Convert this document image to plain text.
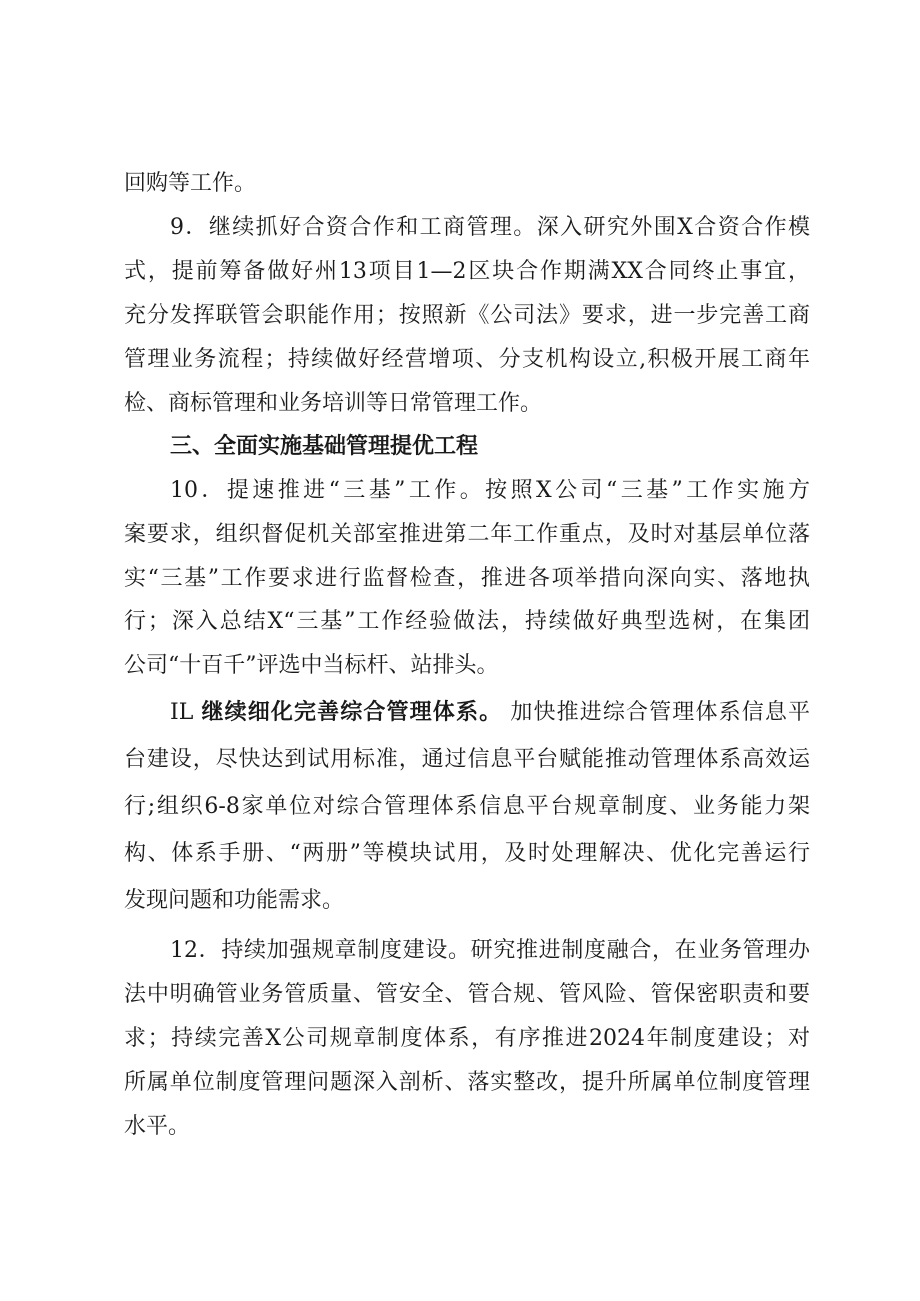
回购等工作。
9．继续抓好合资合作和工商管理。深入研究外围X合资合作模
式，提前筹备做好州13项目1—2区块合作期满XX合同终止事宜，
充分发挥联管会职能作用；按照新《公司法》要求，进一步完善工商
管理业务流程；持续做好经营增项、分支机构设立,积极开展工商年
检、商标管理和业务培训等日常管理工作。
三、全面实施基础管理提优工程
10．提速推进“三基”工作。按照X公司“三基”工作实施方
案要求，组织督促机关部室推进第二年工作重点，及时对基层单位落
实“三基”工作要求进行监督检查，推进各项举措向深向实、落地执
行；深入总结X“三基”工作经验做法，持续做好典型选树，在集团
公司“十百千”评选中当标杆、站排头。
IL 继续细化完善综合管理体系。 加快推进综合管理体系信息平
台建设，尽快达到试用标准，通过信息平台赋能推动管理体系高效运
行;组织6-8家单位对综合管理体系信息平台规章制度、业务能力架
构、体系手册、“两册”等模块试用，及时处理解决、优化完善运行
发现问题和功能需求。
12．持续加强规章制度建设。研究推进制度融合，在业务管理办
法中明确管业务管质量、管安全、管合规、管风险、管保密职责和要
求；持续完善X公司规章制度体系，有序推进2024年制度建设；对
所属单位制度管理问题深入剖析、落实整改，提升所属单位制度管理
水平。
